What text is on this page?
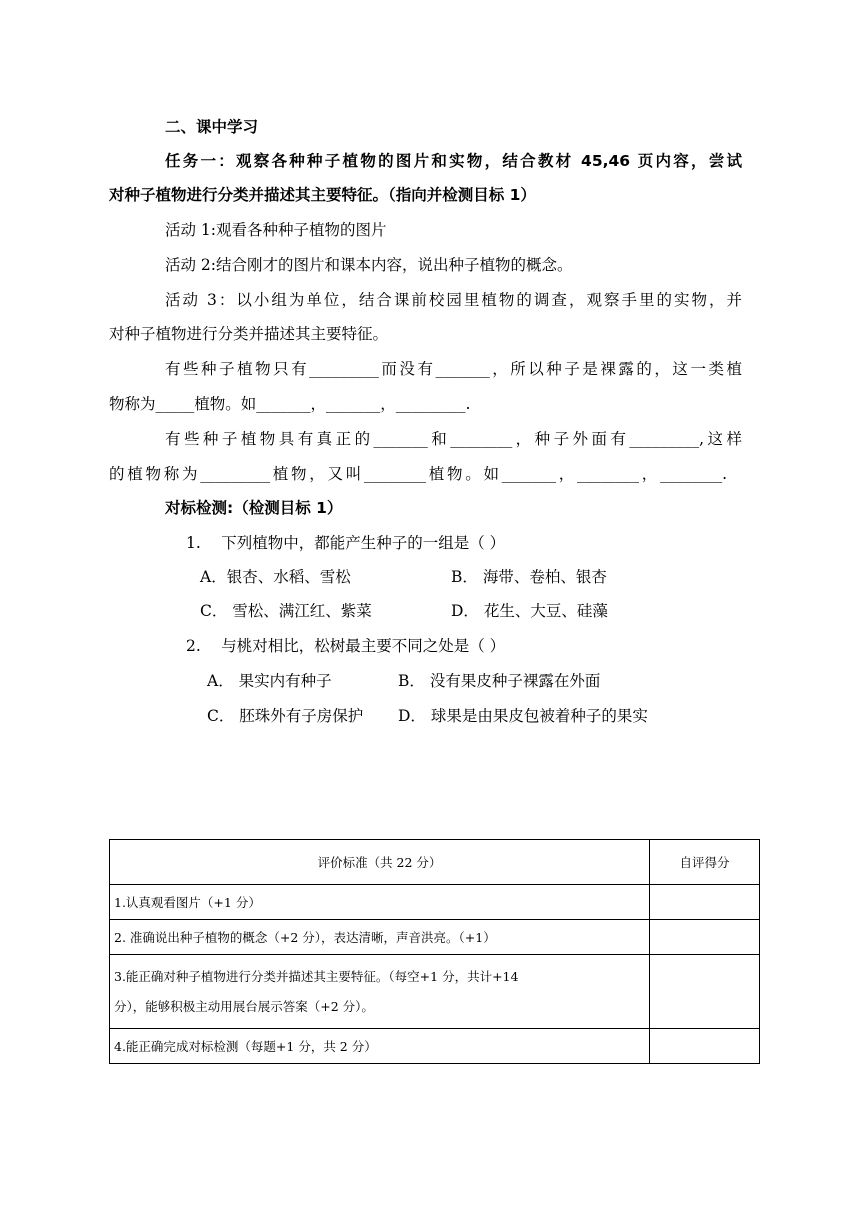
二、课中学习
任务一：观察各种种子植物的图片和实物，结合教材 45,46 页内容，尝试
对种子植物进行分类并描述其主要特征。（指向并检测目标 1）
活动 1:观看各种种子植物的图片
活动 2:结合刚才的图片和课本内容，说出种子植物的概念。
活动 3：以小组为单位，结合课前校园里植物的调查，观察手里的实物，并
对种子植物进行分类并描述其主要特征。
有些种子植物只有_________而没有_______，所以种子是裸露的，这一类植
物称为_____植物。如_______，_______，_________.
有些种子植物具有真正的_______和________，种子外面有_________,这样
的植物称为_________植物，又叫________植物。如_______，________，________.
对标检测:（检测目标 1）
1.　 下列植物中，都能产生种子的一组是（ ）
A．银杏、水稻、雪松	B． 海带、卷柏、银杏
C． 雪松、满江红、紫菜	D． 花生、大豆、硅藻
2.　 与桃对相比，松树最主要不同之处是（ ）
A． 果实内有种子	B． 没有果皮种子裸露在外面
C． 胚珠外有子房保护 D． 球果是由果皮包被着种子的果实
评价标准（共 22 分）	自评得分
1.认真观看图片（+1 分）	
2. 准确说出种子植物的概念（+2 分），表达清晰，声音洪亮。（+1）	

3.能正确对种子植物进行分类并描述其主要特征。（每空+1 分，共计+14
分），能够积极主动用展台展示答案（+2 分）。	

4.能正确完成对标检测（每题+1 分，共 2 分）	
